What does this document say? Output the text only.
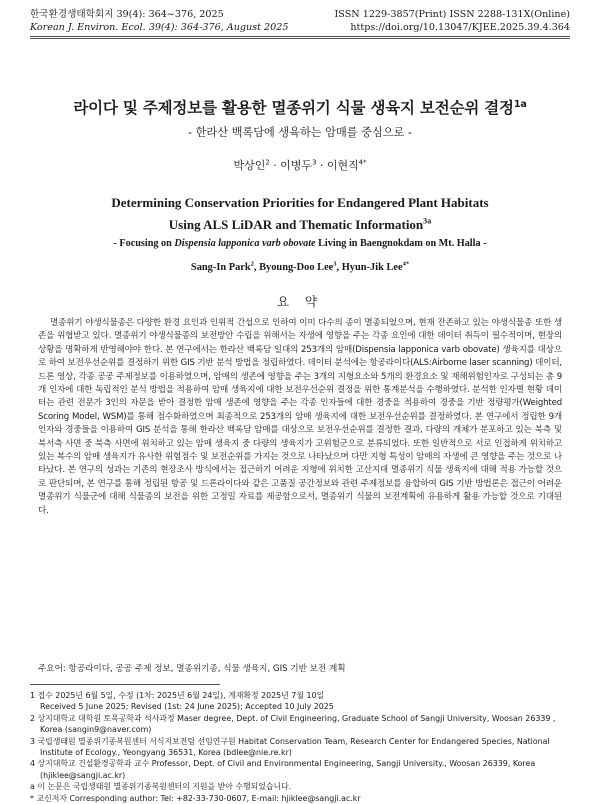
한국환경생태학회지 39(4): 364~376, 2025
Korean J. Environ. Ecol. 39(4): 364-376, August 2025
ISSN 1229-3857(Print) ISSN 2288-131X(Online)
https://doi.org/10.13047/KJEE.2025.39.4.364
라이다 및 주제정보를 활용한 멸종위기 식물 생육지 보전순위 결정$^{1a}$
- 한라산 백록담에 생육하는 암매를 중심으로 -
박상인$^2$ · 이병두$^3$ · 이현직$^{4*}$
Determining Conservation Priorities for Endangered Plant Habitats
Using ALS LiDAR and Thematic Information$^{3a}$
- Focusing on Dispensia lapponica varb obovate Living in Baengnokdam on Mt. Halla -
Sang-In Park$^2$, Byoung-Doo Lee$^3$, Hyun-Jik Lee$^{4*}$
요 약
멸종위기 야생식물종은 다양한 환경 요인과 인위적 간섭으로 인하여 이미 다수의 종이 멸종되었으며, 현재 잔존하고 있는 야생식물종 또한 생존을 위협받고 있다. 멸종위기 야생식물종의 보전방안 수립을 위해서는 자생에 영향을 주는 각종 요인에 대한 데이터 취득이 필수적이며, 현장의 상황을 명확하게 반영해야야 한다. 본 연구에서는 한라산 백록담 일대의 253개의 암매(Dispensia lapponica varb obovate) 생육지를 대상으로 하여 보전우선순위를 결정하기 위한 GIS 기반 분석 방법을 정립하였다. 데이터 분석에는 항공라이다(ALS:Airborne laser scanning) 데이터, 드론 영상, 각종 공공 주제정보를 이용하였으며, 암매의 생존에 영향을 주는 3개의 지형요소와 5개의 환경요소 및 재해위험인자로 구성되는 총 9개 인자에 대한 독립적인 분석 방법을 적용하여 암매 생육지에 대한 보전우선순위 결정을 위한 통계분석을 수행하였다. 분석한 인자별 현황 데이터는 관련 전문가 3인의 자문을 받아 결정한 암매 생존에 영향을 주는 각종 인자들에 대한 경중을 적용하여 경중을 기반 정량평가(Weighted Scoring Model, WSM)를 통해 점수화하였으며 최종적으로 253개의 암매 생육지에 대한 보전우선순위를 결정하였다. 본 연구에서 정립한 9개 인자와 경중들을 이용하여 GIS 분석을 통해 한라산 백록담 암매를 대상으로 보전우선순위를 결정한 결과, 다량의 개체가 분포하고 있는 북측 및 북서측 사면 중 북측 사면에 위치하고 있는 암매 생육지 중 다량의 생육지가 고위험군으로 분류되었다. 또한 일반적으로 서로 인접하게 위치하고 있는 복수의 암매 생육지가 유사한 위험점수 및 보전순위를 가지는 것으로 나타났으며 다만 지형 특성이 암매의 자생에 큰 영향을 주는 것으로 나타났다. 본 연구의 성과는 기존의 현장조사 방식에서는 접근하기 어려운 지형에 위치한 고산지대 멸종위기 식물 생육지에 대해 적용 가능할 것으로 판단되며, 본 연구를 통해 정립된 항공 및 드론라이다와 같은 고품질 공간정보와 관련 주제정보를 융합하여 GIS 기반 방법론은 접근이 어려운 멸종위기 식물군에 대해 식물종의 보전을 위한 고정밀 자료를 제공함으로서, 멸종위기 식물의 보전계획에 유용하게 활용 가능할 것으로 기대된다.
주요어: 항공라이다, 공공 주제 정보, 멸종위기종, 식물 생육지, GIS 기반 보전 계획
1 접수 2025년 6월 5일, 수정 (1차: 2025년 6월 24일), 게재확정 2025년 7월 10일
Received 5 June 2025; Revised (1st: 24 June 2025); Accepted 10 July 2025
2 상지대학교 대학원 토목공학과 석사과정 Maser degree, Dept. of Civil Engineering, Graduate School of Sangji University, Woosan 26339 , Korea (sangin9@naver.com)
3 국립생태원 멸종위기종복원센터 서식지보전팀 선임연구원 Habitat Conservation Team, Research Center for Endangered Species, National Institute of Ecology., Yeongyang 36531, Korea (bdlee@nie.re.kr)
4 상지대학교 건설환경공학과 교수 Professor, Dept. of Civil and Environmental Engineering, Sangji University., Woosan 26339, Korea (hjiklee@sangji.ac.kr)
a 이 논문은 국립생태원 멸종위기종복원센터의 지원을 받아 수행되었습니다.
* 교신저자 Corresponding author: Tel: +82-33-730-0607, E-mail: hjiklee@sangji.ac.kr
